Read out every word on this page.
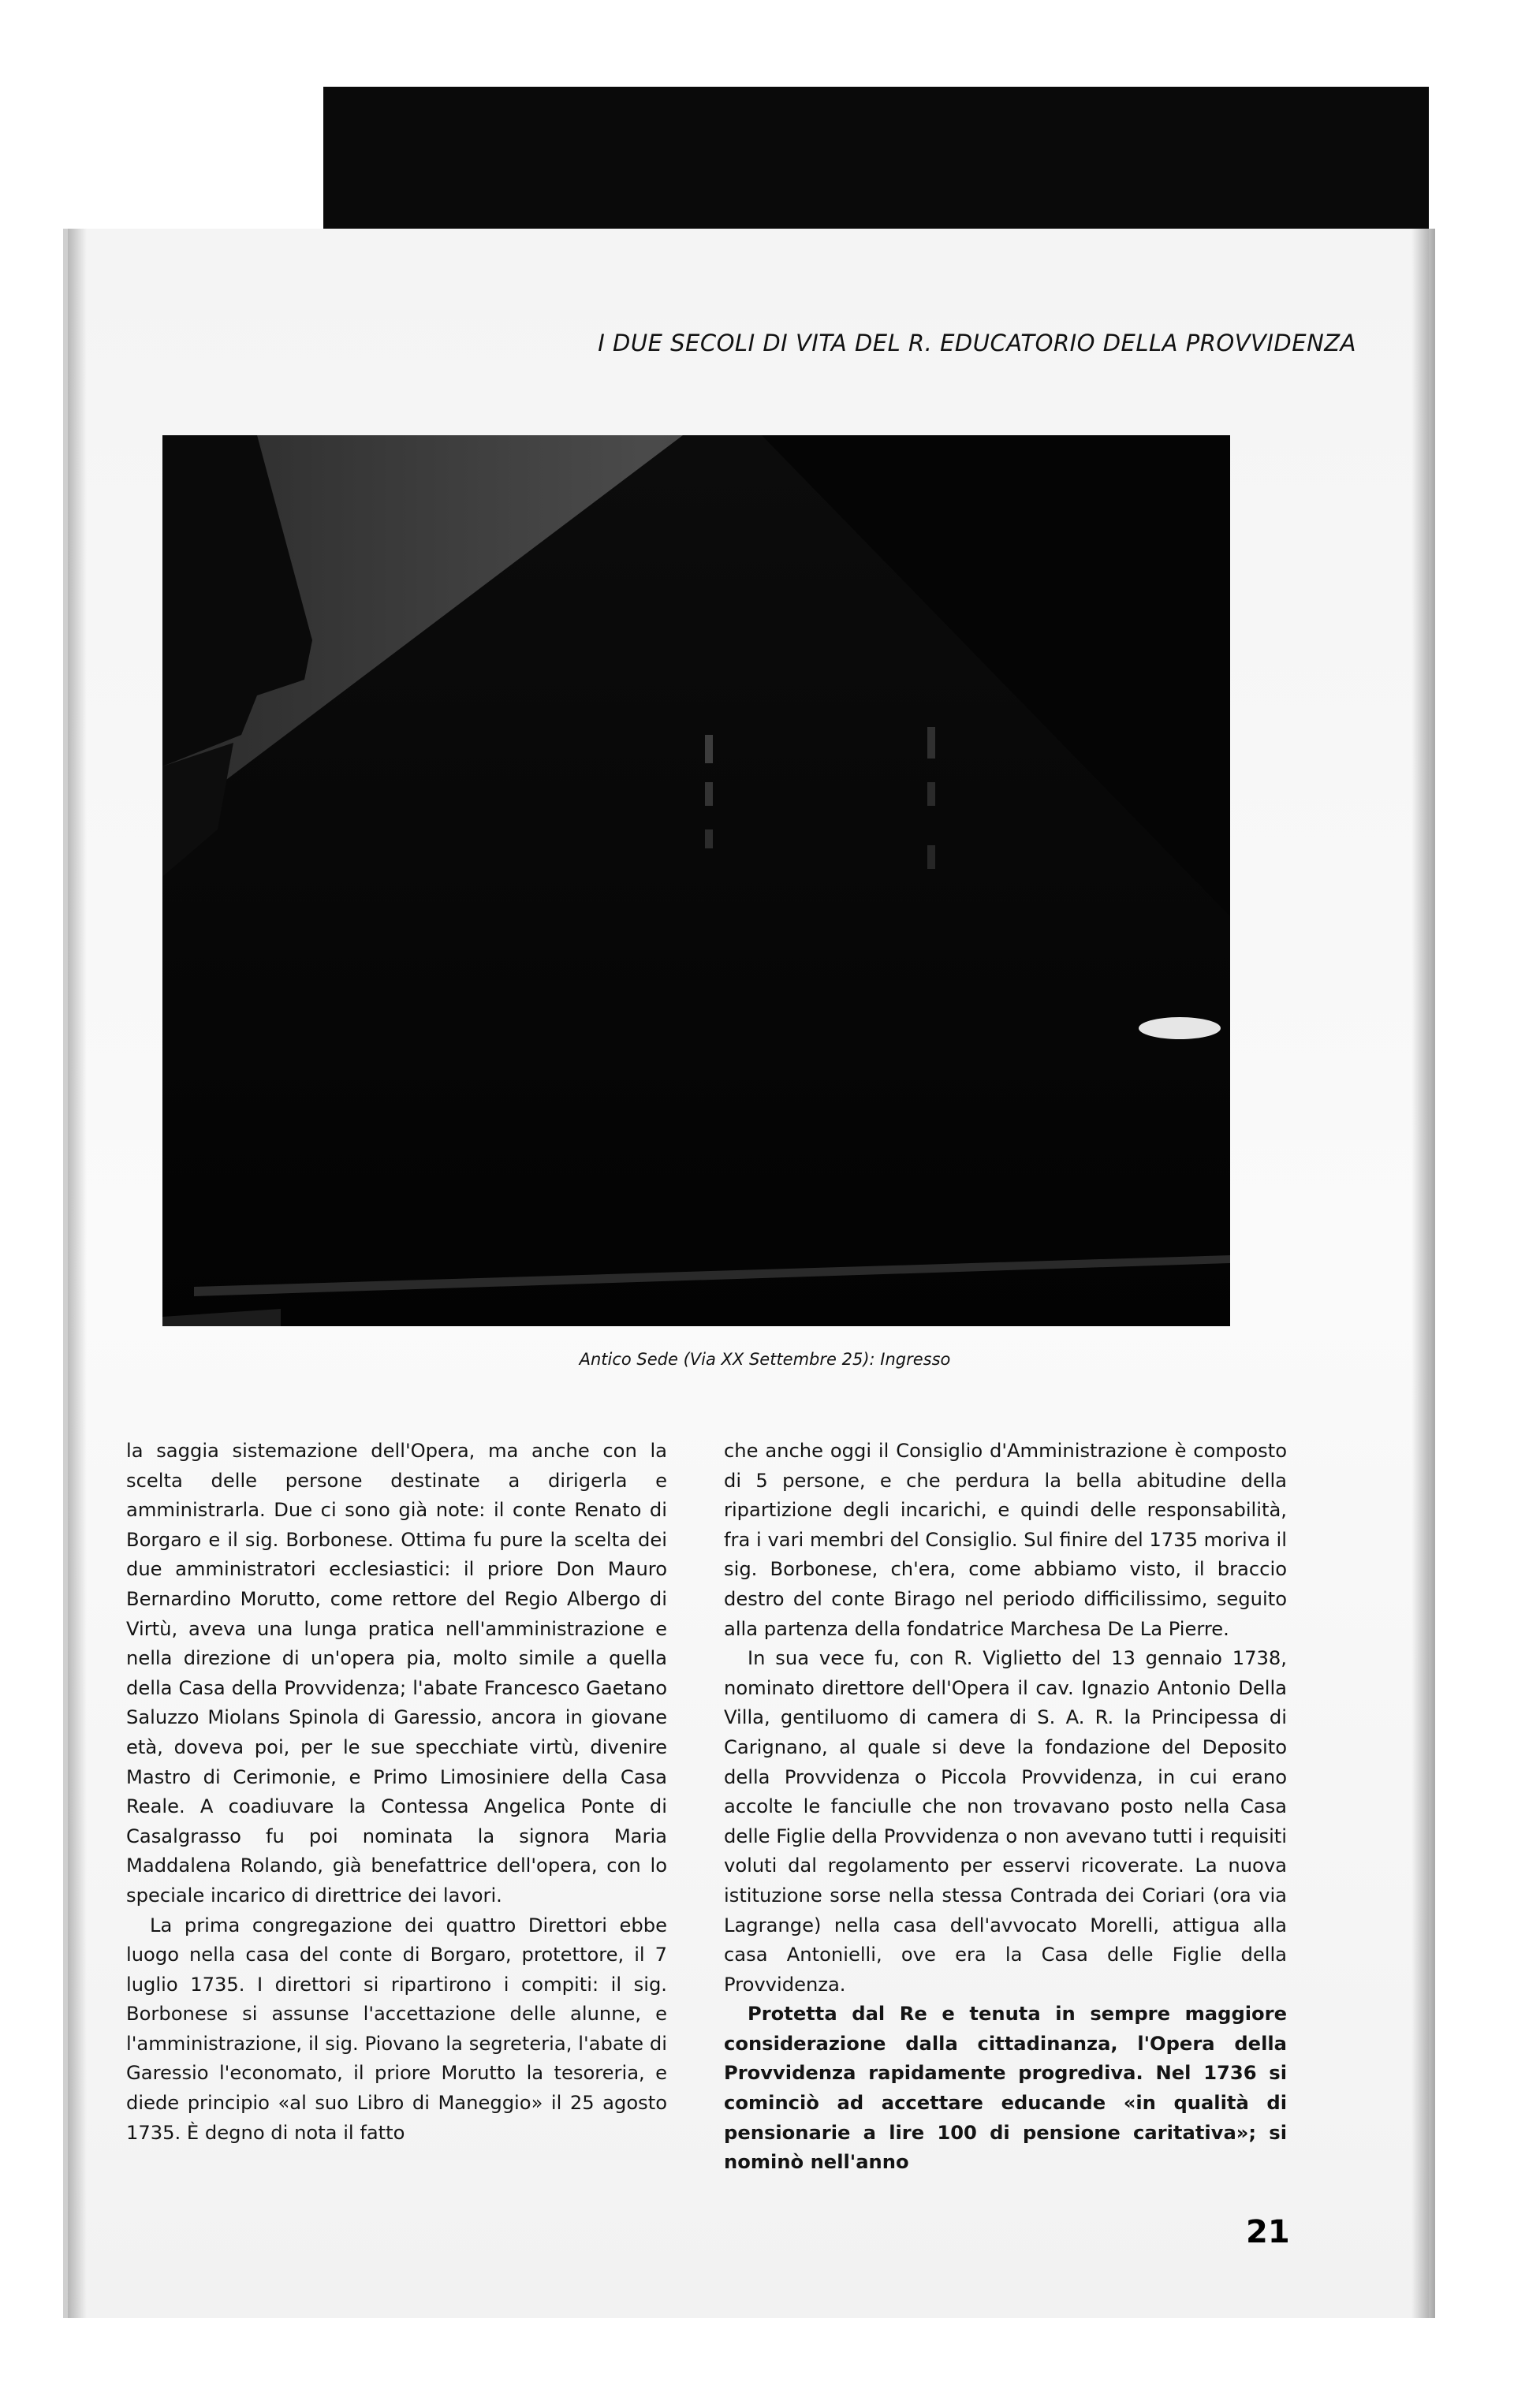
I DUE SECOLI DI VITA DEL R. EDUCATORIO DELLA PROVVIDENZA
Antico Sede (Via XX Settembre 25): Ingresso

la saggia sistemazione dell'Opera, ma anche con la scelta delle persone destinate a dirigerla e amministrarla. Due ci sono già note: il conte Renato di Borgaro e il sig. Borbonese. Ottima fu pure la scelta dei due amministratori ecclesiastici: il priore Don Mauro Bernardino Morutto, come rettore del Regio Albergo di Virtù, aveva una lunga pratica nell'amministrazione e nella direzione di un'opera pia, molto simile a quella della Casa della Provvidenza; l'abate Francesco Gaetano Saluzzo Miolans Spinola di Garessio, ancora in giovane età, doveva poi, per le sue specchiate virtù, divenire Mastro di Cerimonie, e Primo Limosiniere della Casa Reale. A coadiuvare la Contessa Angelica Ponte di Casalgrasso fu poi nominata la signora Maria Maddalena Rolando, già benefattrice dell'opera, con lo speciale incarico di direttrice dei lavori.

La prima congregazione dei quattro Direttori ebbe luogo nella casa del conte di Borgaro, protettore, il 7 luglio 1735. I direttori si ripartirono i compiti: il sig. Borbonese si assunse l'accettazione delle alunne, e l'amministrazione, il sig. Piovano la segreteria, l'abate di Garessio l'economato, il priore Morutto la tesoreria, e diede principio «al suo Libro di Maneggio» il 25 agosto 1735. È degno di nota il fatto

che anche oggi il Consiglio d'Amministrazione è composto di 5 persone, e che perdura la bella abitudine della ripartizione degli incarichi, e quindi delle responsabilità, fra i vari membri del Consiglio. Sul finire del 1735 moriva il sig. Borbonese, ch'era, come abbiamo visto, il braccio destro del conte Birago nel periodo difficilissimo, seguito alla partenza della fondatrice Marchesa De La Pierre.

In sua vece fu, con R. Viglietto del 13 gennaio 1738, nominato direttore dell'Opera il cav. Ignazio Antonio Della Villa, gentiluomo di camera di S. A. R. la Principessa di Carignano, al quale si deve la fondazione del Deposito della Provvidenza o Piccola Provvidenza, in cui erano accolte le fanciulle che non trovavano posto nella Casa delle Figlie della Provvidenza o non avevano tutti i requisiti voluti dal regolamento per esservi ricoverate. La nuova istituzione sorse nella stessa Contrada dei Coriari (ora via Lagrange) nella casa dell'avvocato Morelli, attigua alla casa Antonielli, ove era la Casa delle Figlie della Provvidenza.

Protetta dal Re e tenuta in sempre maggiore considerazione dalla cittadinanza, l'Opera della Provvidenza rapidamente progrediva. Nel 1736 si cominciò ad accettare educande «in qualità di pensionarie a lire 100 di pensione caritativa»; si nominò nell'anno

21
